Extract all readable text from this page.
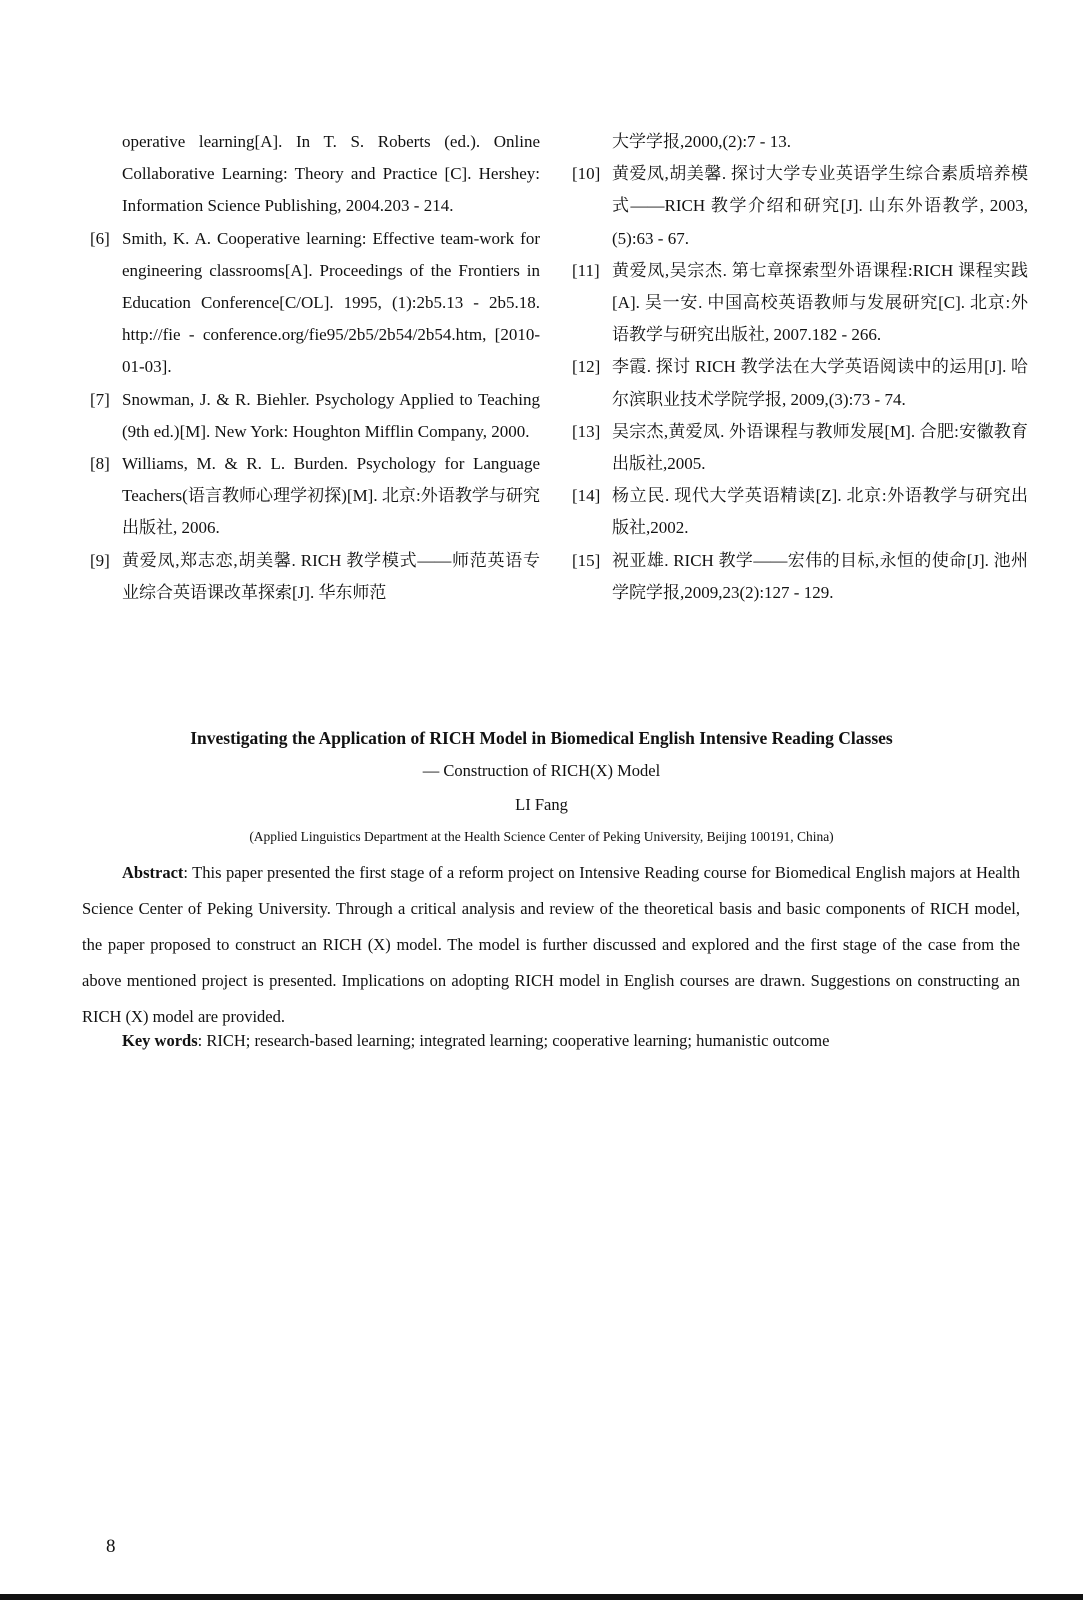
operative learning[A]. In T. S. Roberts (ed.). Online Collaborative Learning: Theory and Practice [C]. Hershey: Information Science Publishing, 2004.203 - 214.
[6] Smith, K. A. Cooperative learning: Effective team-work for engineering classrooms[A]. Proceedings of the Frontiers in Education Conference[C/OL]. 1995, (1):2b5.13 - 2b5.18. http://fie - conference.org/fie95/2b5/2b54/2b54.htm, [2010-01-03].
[7] Snowman, J. & R. Biehler. Psychology Applied to Teaching (9th ed.)[M]. New York: Houghton Mifflin Company, 2000.
[8] Williams, M. & R. L. Burden. Psychology for Language Teachers(语言教师心理学初探)[M]. 北京:外语教学与研究出版社, 2006.
[9] 黄爱凤,郑志恋,胡美馨. RICH 教学模式——师范英语专业综合英语课改革探索[J]. 华东师范
大学学报,2000,(2):7 - 13.
[10] 黄爱凤,胡美馨. 探讨大学专业英语学生综合素质培养模式——RICH 教学介绍和研究[J]. 山东外语教学, 2003,(5):63 - 67.
[11] 黄爱凤,吴宗杰. 第七章探索型外语课程:RICH 课程实践[A]. 吴一安. 中国高校英语教师与发展研究[C]. 北京:外语教学与研究出版社, 2007.182 - 266.
[12] 李霞. 探讨 RICH 教学法在大学英语阅读中的运用[J]. 哈尔滨职业技术学院学报, 2009,(3):73 - 74.
[13] 吴宗杰,黄爱凤. 外语课程与教师发展[M]. 合肥:安徽教育出版社,2005.
[14] 杨立民. 现代大学英语精读[Z]. 北京:外语教学与研究出版社,2002.
[15] 祝亚雄. RICH 教学——宏伟的目标,永恒的使命[J]. 池州学院学报,2009,23(2):127 - 129.
Investigating the Application of RICH Model in Biomedical English Intensive Reading Classes
— Construction of RICH(X) Model
LI Fang
(Applied Linguistics Department at the Health Science Center of Peking University, Beijing 100191, China)
Abstract: This paper presented the first stage of a reform project on Intensive Reading course for Biomedical English majors at Health Science Center of Peking University. Through a critical analysis and review of the theoretical basis and basic components of RICH model, the paper proposed to construct an RICH (X) model. The model is further discussed and explored and the first stage of the case from the above mentioned project is presented. Implications on adopting RICH model in English courses are drawn. Suggestions on constructing an RICH (X) model are provided.
Key words: RICH; research-based learning; integrated learning; cooperative learning; humanistic outcome
8
